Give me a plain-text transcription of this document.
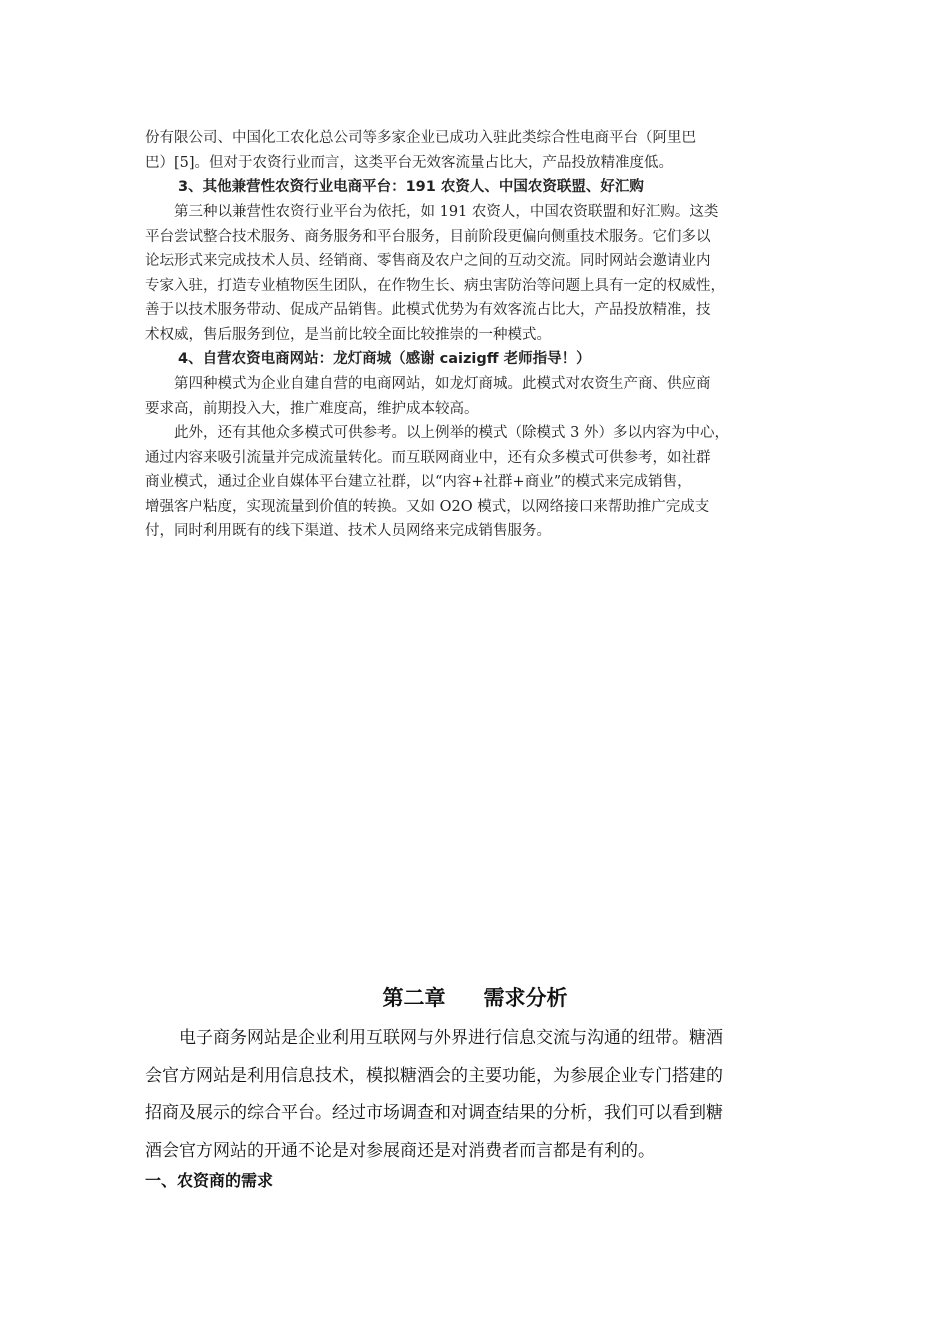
份有限公司、中国化工农化总公司等多家企业已成功入驻此类综合性电商平台（阿里巴
巴）[5]。但对于农资行业而言，这类平台无效客流量占比大，产品投放精准度低。

3、其他兼营性农资行业电商平台：191 农资人、中国农资联盟、好汇购

　　第三种以兼营性农资行业平台为依托，如 191 农资人，中国农资联盟和好汇购。这类
平台尝试整合技术服务、商务服务和平台服务，目前阶段更偏向侧重技术服务。它们多以
论坛形式来完成技术人员、经销商、零售商及农户之间的互动交流。同时网站会邀请业内
专家入驻，打造专业植物医生团队，在作物生长、病虫害防治等问题上具有一定的权威性，
善于以技术服务带动、促成产品销售。此模式优势为有效客流占比大，产品投放精准，技
术权威，售后服务到位，是当前比较全面比较推崇的一种模式。

4、自营农资电商网站：龙灯商城（感谢 caizigff 老师指导！）

　　第四种模式为企业自建自营的电商网站，如龙灯商城。此模式对农资生产商、供应商
要求高，前期投入大，推广难度高，维护成本较高。
　　此外，还有其他众多模式可供参考。以上例举的模式（除模式 3 外）多以内容为中心，
通过内容来吸引流量并完成流量转化。而互联网商业中，还有众多模式可供参考，如社群
商业模式，通过企业自媒体平台建立社群，以“内容+社群+商业”的模式来完成销售，
增强客户粘度，实现流量到价值的转换。又如 O2O 模式，以网络接口来帮助推广完成支
付，同时利用既有的线下渠道、技术人员网络来完成销售服务。
第二章 需求分析
　　电子商务网站是企业利用互联网与外界进行信息交流与沟通的纽带。糖酒
会官方网站是利用信息技术，模拟糖酒会的主要功能，为参展企业专门搭建的
招商及展示的综合平台。经过市场调查和对调查结果的分析，我们可以看到糖
酒会官方网站的开通不论是对参展商还是对消费者而言都是有利的。
一、农资商的需求
